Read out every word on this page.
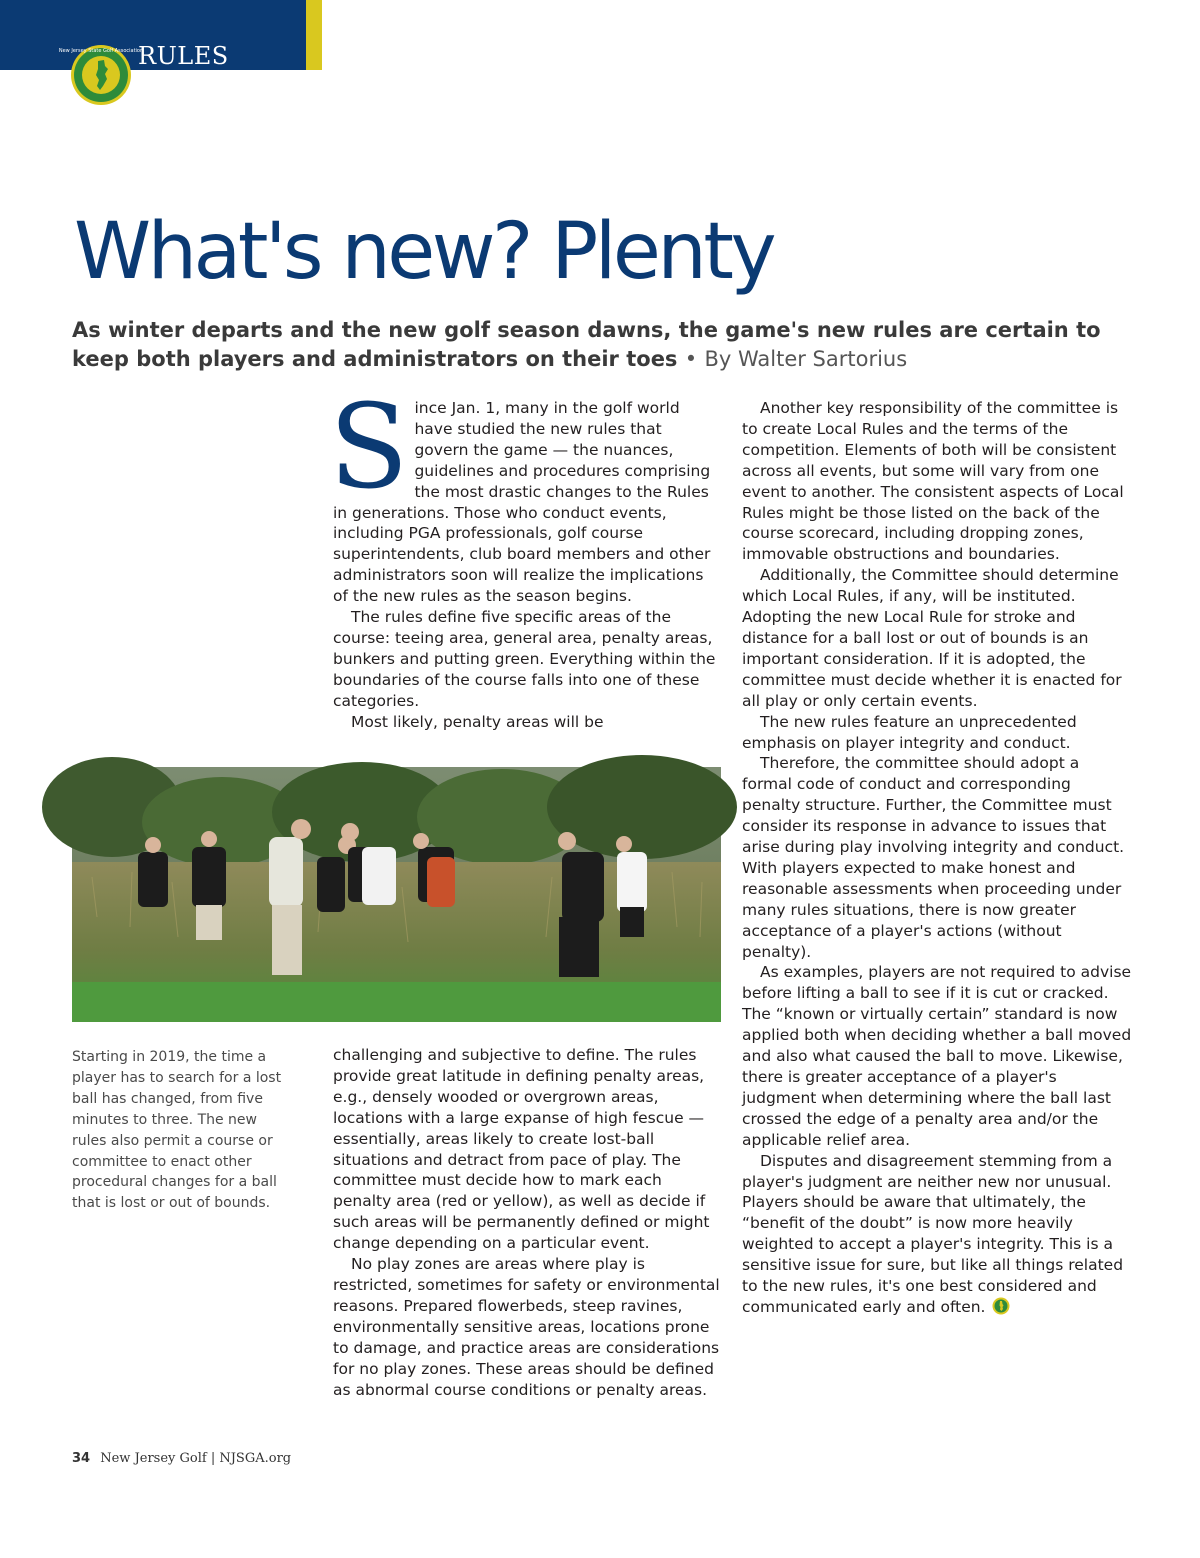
New Jersey State Golf Association
RULES
What's new? Plenty

As winter departs and the new golf season dawns, the game's new rules are certain to keep both players and administrators on their toes • By Walter Sartorius

Since Jan. 1, many in the golf world have studied the new rules that govern the game — the nuances, guidelines and procedures comprising the most drastic changes to the Rules in generations. Those who conduct events, including PGA professionals, golf course superintendents, club board members and other administrators soon will realize the implications of the new rules as the season begins.

The rules define five specific areas of the course: teeing area, general area, penalty areas, bunkers and putting green. Everything within the boundaries of the course falls into one of these categories.

Most likely, penalty areas will be

Starting in 2019, the time a player has to search for a lost ball has changed, from five minutes to three. The new rules also permit a course or committee to enact other procedural changes for a ball that is lost or out of bounds.

challenging and subjective to define. The rules provide great latitude in defining penalty areas, e.g., densely wooded or overgrown areas, locations with a large expanse of high fescue — essentially, areas likely to create lost-ball situations and detract from pace of play. The committee must decide how to mark each penalty area (red or yellow), as well as decide if such areas will be permanently defined or might change depending on a particular event.

No play zones are areas where play is restricted, sometimes for safety or environmental reasons. Prepared flowerbeds, steep ravines, environmentally sensitive areas, locations prone to damage, and practice areas are considerations for no play zones. These areas should be defined as abnormal course conditions or penalty areas.

Another key responsibility of the committee is to create Local Rules and the terms of the competition. Elements of both will be consistent across all events, but some will vary from one event to another. The consistent aspects of Local Rules might be those listed on the back of the course scorecard, including dropping zones, immovable obstructions and boundaries.

Additionally, the Committee should determine which Local Rules, if any, will be instituted. Adopting the new Local Rule for stroke and distance for a ball lost or out of bounds is an important consideration. If it is adopted, the committee must decide whether it is enacted for all play or only certain events.

The new rules feature an unprecedented emphasis on player integrity and conduct.

Therefore, the committee should adopt a formal code of conduct and corresponding penalty structure. Further, the Committee must consider its response in advance to issues that arise during play involving integrity and conduct. With players expected to make honest and reasonable assessments when proceeding under many rules situations, there is now greater acceptance of a player's actions (without penalty).

As examples, players are not required to advise before lifting a ball to see if it is cut or cracked. The “known or virtually certain” standard is now applied both when deciding whether a ball moved and also what caused the ball to move. Likewise, there is greater acceptance of a player's judgment when determining where the ball last crossed the edge of a penalty area and/or the applicable relief area.

Disputes and disagreement stemming from a player's judgment are neither new nor unusual. Players should be aware that ultimately, the “benefit of the doubt” is now more heavily weighted to accept a player's integrity. This is a sensitive issue for sure, but like all things related to the new rules, it's one best considered and communicated early and often.

34 New Jersey Golf | NJSGA.org
